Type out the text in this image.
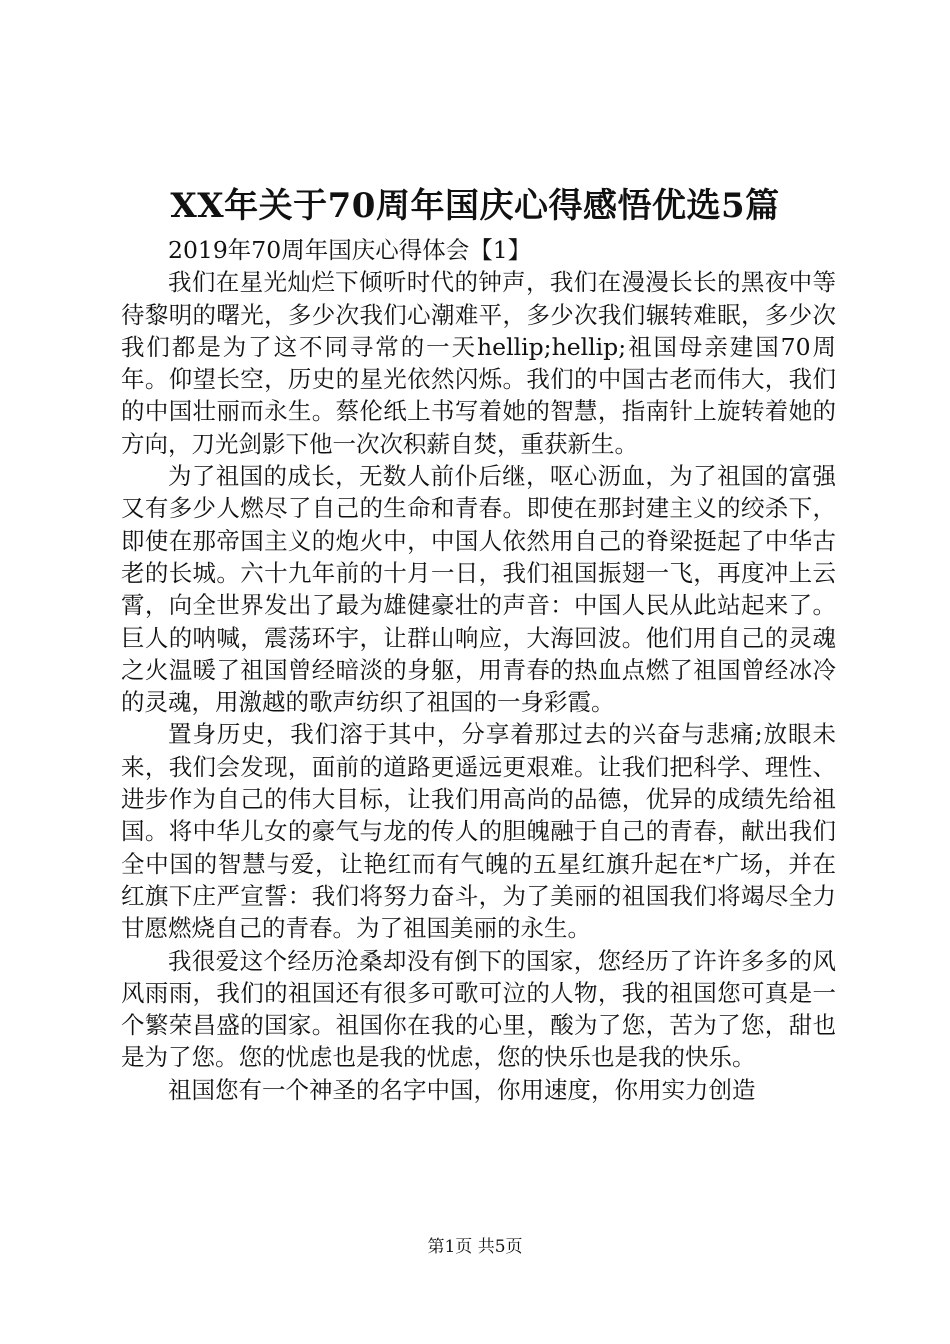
XX年关于70周年国庆心得感悟优选5篇

2019年70周年国庆心得体会【1】

我们在星光灿烂下倾听时代的钟声，我们在漫漫长长的黑夜中等待黎明的曙光，多少次我们心潮难平，多少次我们辗转难眠，多少次我们都是为了这不同寻常的一天hellip;hellip;祖国母亲建国70周年。仰望长空，历史的星光依然闪烁。我们的中国古老而伟大，我们的中国壮丽而永生。蔡伦纸上书写着她的智慧，指南针上旋转着她的方向，刀光剑影下他一次次积薪自焚，重获新生。

为了祖国的成长，无数人前仆后继，呕心沥血，为了祖国的富强又有多少人燃尽了自己的生命和青春。即使在那封建主义的绞杀下，即使在那帝国主义的炮火中，中国人依然用自己的脊梁挺起了中华古老的长城。六十九年前的十月一日，我们祖国振翅一飞，再度冲上云霄，向全世界发出了最为雄健豪壮的声音：中国人民从此站起来了。巨人的呐喊，震荡环宇，让群山响应，大海回波。他们用自己的灵魂之火温暖了祖国曾经暗淡的身躯，用青春的热血点燃了祖国曾经冰冷的灵魂，用激越的歌声纺织了祖国的一身彩霞。

置身历史，我们溶于其中，分享着那过去的兴奋与悲痛;放眼未来，我们会发现，面前的道路更遥远更艰难。让我们把科学、理性、进步作为自己的伟大目标，让我们用高尚的品德，优异的成绩先给祖国。将中华儿女的豪气与龙的传人的胆魄融于自己的青春，献出我们全中国的智慧与爱，让艳红而有气魄的五星红旗升起在*广场，并在红旗下庄严宣誓：我们将努力奋斗，为了美丽的祖国我们将竭尽全力甘愿燃烧自己的青春。为了祖国美丽的永生。

我很爱这个经历沧桑却没有倒下的国家，您经历了许许多多的风风雨雨，我们的祖国还有很多可歌可泣的人物，我的祖国您可真是一个繁荣昌盛的国家。祖国你在我的心里，酸为了您，苦为了您，甜也是为了您。您的忧虑也是我的忧虑，您的快乐也是我的快乐。

祖国您有一个神圣的名字中国，你用速度，你用实力创造

第1页 共5页
